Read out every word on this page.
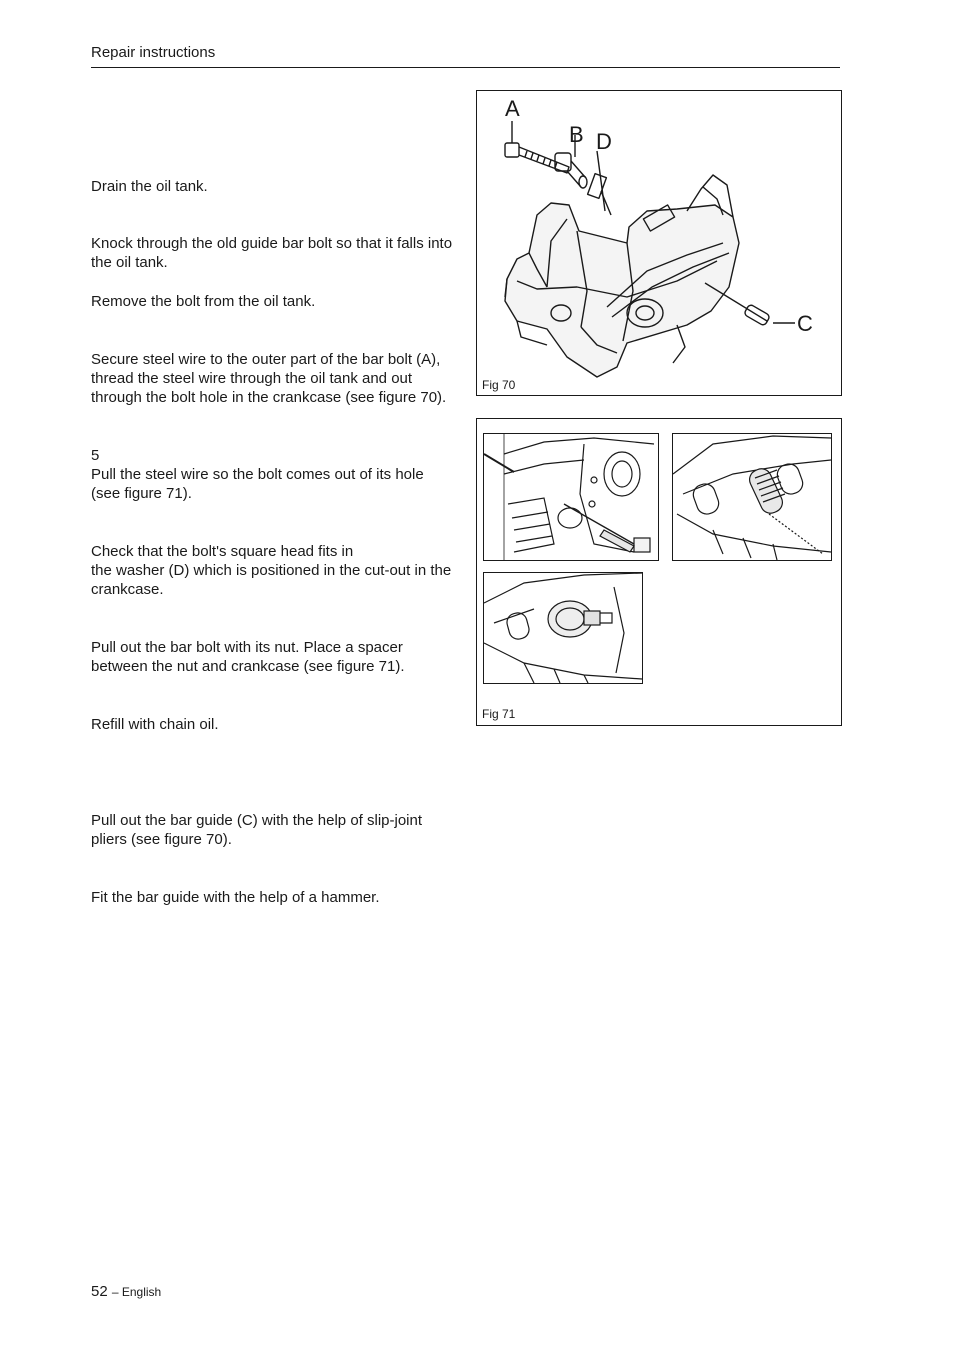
Repair instructions
Drain the oil tank.
Knock through the old guide bar bolt so that it falls into the oil tank.
Remove the bolt from the oil tank.
Secure steel wire to the outer part of the bar bolt (A), thread the steel wire through the oil tank and out through the bolt hole in the crankcase (see figure 70).
5
Pull the steel wire so the bolt comes out of its hole (see figure 71).
Check that the bolt's square head fits in
the washer (D) which is positioned in the cut-out in the crankcase.
Pull out the bar bolt with its nut. Place a spacer between the nut and crankcase (see figure 71).
Refill with chain oil.
Pull out the bar guide (C) with the help of slip-joint pliers (see figure 70).
Fit the bar guide with the help of a hammer.
A
B D
C
Fig 70
Fig 71
52 – English
